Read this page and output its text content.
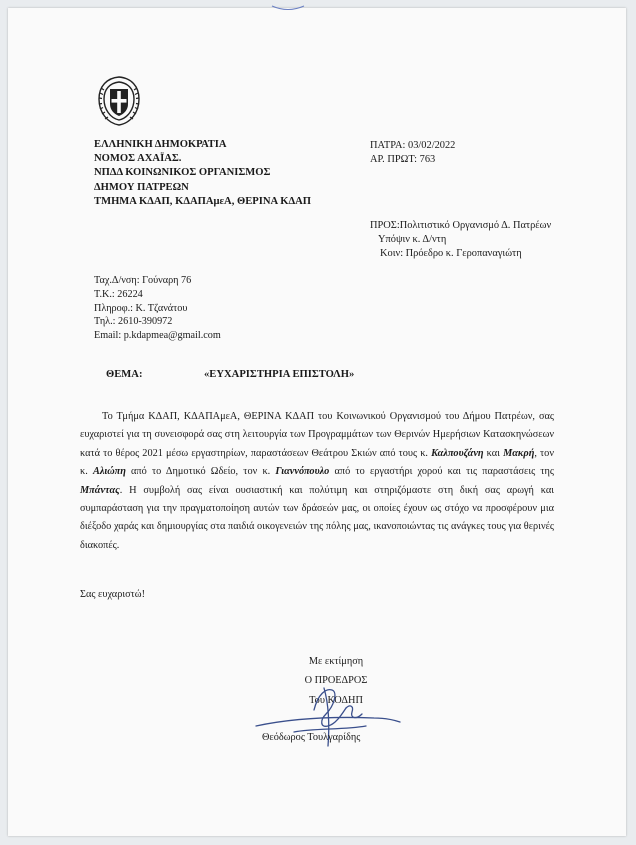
ΕΛΛΗΝΙΚΗ ΔΗΜΟΚΡΑΤΙΑ
ΝΟΜΟΣ ΑΧΑΪΑΣ.
ΝΠΔΔ ΚΟΙΝΩΝΙΚΟΣ ΟΡΓΑΝΙΣΜΟΣ
ΔΗΜΟΥ ΠΑΤΡΕΩΝ
ΤΜΗΜΑ ΚΔΑΠ, ΚΔΑΠΑμεΑ, ΘΕΡΙΝΑ ΚΔΑΠ
ΠΑΤΡΑ: 03/02/2022
ΑΡ. ΠΡΩΤ: 763
ΠΡΟΣ:Πολιτιστικό Οργανισμό Δ. Πατρέων
Υπόψιν κ. Δ/ντη
Κοιν: Πρόεδρο κ. Γεροπαναγιώτη
Ταχ.Δ/νση: Γούναρη 76
Τ.Κ.: 26224
Πληροφ.: Κ. Τζανάτου
Τηλ.: 2610-390972
Email: p.kdapmea@gmail.com
ΘΕΜΑ:	«ΕΥΧΑΡΙΣΤΗΡΙΑ ΕΠΙΣΤΟΛΗ»

Το Τμήμα ΚΔΑΠ, ΚΔΑΠΑμεΑ, ΘΕΡΙΝΑ ΚΔΑΠ του Κοινωνικού Οργανισμού του Δήμου Πατρέων, σας ευχαριστεί για τη συνεισφορά σας στη λειτουργία των Προγραμμάτων των Θερινών Ημερήσιων Κατασκηνώσεων κατά το θέρος 2021 μέσω εργαστηρίων, παραστάσεων Θεάτρου Σκιών από τους κ. Καλπουζάνη και Μακρή, τον κ. Αλιώπη από το Δημοτικό Ωδείο, τον κ. Γιαννόπουλο από το εργαστήρι χορού και τις παραστάσεις της Μπάντας. Η συμβολή σας είναι ουσιαστική και πολύτιμη και στηριζόμαστε στη δική σας αρωγή και συμπαράσταση για την πραγματοποίηση αυτών των δράσεών μας, οι οποίες έχουν ως στόχο να προσφέρουν μια διέξοδο χαράς και δημιουργίας στα παιδιά οικογενειών της πόλης μας, ικανοποιώντας τις ανάγκες τους για θερινές διακοπές.

Σας ευχαριστώ!
Με εκτίμηση
Ο ΠΡΟΕΔΡΟΣ
Του ΚΟΔΗΠ
Θεόδωρος Τουλγαρίδης
